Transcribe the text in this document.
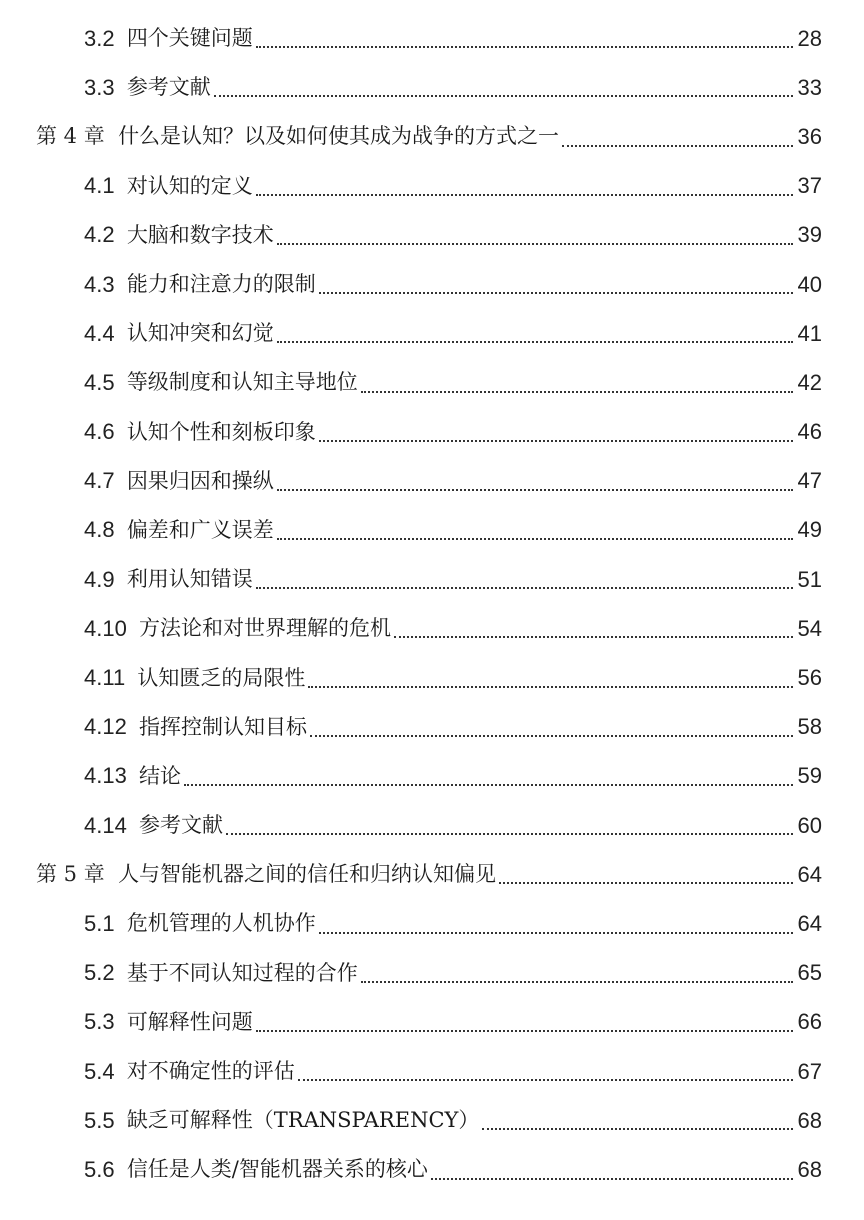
3.2 四个关键问题	28
3.3 参考文献	33
第 4 章 什么是认知？以及如何使其成为战争的方式之一	36
4.1 对认知的定义	37
4.2 大脑和数字技术	39
4.3 能力和注意力的限制	40
4.4 认知冲突和幻觉	41
4.5 等级制度和认知主导地位	42
4.6 认知个性和刻板印象	46
4.7 因果归因和操纵	47
4.8 偏差和广义误差	49
4.9 利用认知错误	51
4.10 方法论和对世界理解的危机	54
4.11 认知匮乏的局限性	56
4.12 指挥控制认知目标	58
4.13 结论	59
4.14 参考文献	60
第 5 章 人与智能机器之间的信任和归纳认知偏见	64
5.1 危机管理的人机协作	64
5.2 基于不同认知过程的合作	65
5.3 可解释性问题	66
5.4 对不确定性的评估	67
5.5 缺乏可解释性（TRANSPARENCY）	68
5.6 信任是人类/智能机器关系的核心	68
